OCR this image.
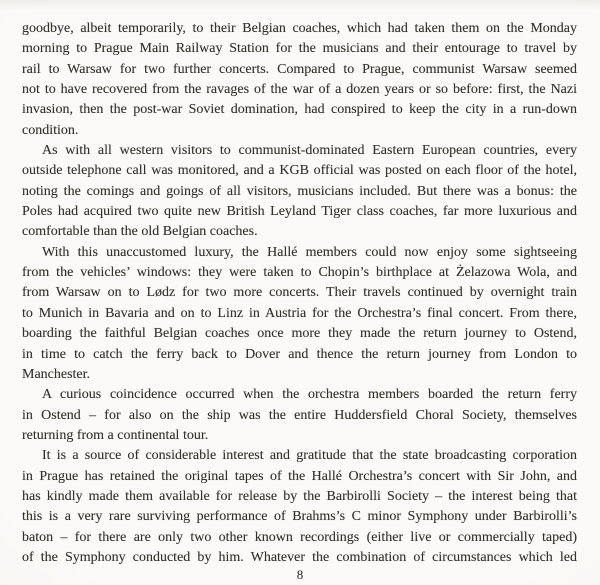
goodbye, albeit temporarily, to their Belgian coaches, which had taken them on the Monday
morning to Prague Main Railway Station for the musicians and their entourage to travel by
rail to Warsaw for two further concerts. Compared to Prague, communist Warsaw seemed
not to have recovered from the ravages of the war of a dozen years or so before: first, the Nazi
invasion, then the post-war Soviet domination, had conspired to keep the city in a run-down
condition.
As with all western visitors to communist-dominated Eastern European countries, every
outside telephone call was monitored, and a KGB official was posted on each floor of the hotel,
noting the comings and goings of all visitors, musicians included. But there was a bonus: the
Poles had acquired two quite new British Leyland Tiger class coaches, far more luxurious and
comfortable than the old Belgian coaches.
With this unaccustomed luxury, the Hallé members could now enjoy some sightseeing
from the vehicles’ windows: they were taken to Chopin’s birthplace at Żelazowa Wola, and
from Warsaw on to Lødz for two more concerts. Their travels continued by overnight train
to Munich in Bavaria and on to Linz in Austria for the Orchestra’s final concert. From there,
boarding the faithful Belgian coaches once more they made the return journey to Ostend,
in time to catch the ferry back to Dover and thence the return journey from London to
Manchester.
A curious coincidence occurred when the orchestra members boarded the return ferry
in Ostend – for also on the ship was the entire Huddersfield Choral Society, themselves
returning from a continental tour.
It is a source of considerable interest and gratitude that the state broadcasting corporation
in Prague has retained the original tapes of the Hallé Orchestra’s concert with Sir John, and
has kindly made them available for release by the Barbirolli Society – the interest being that
this is a very rare surviving performance of Brahms’s C minor Symphony under Barbirolli’s
baton – for there are only two other known recordings (either live or commercially taped)
of the Symphony conducted by him. Whatever the combination of circumstances which led
8
